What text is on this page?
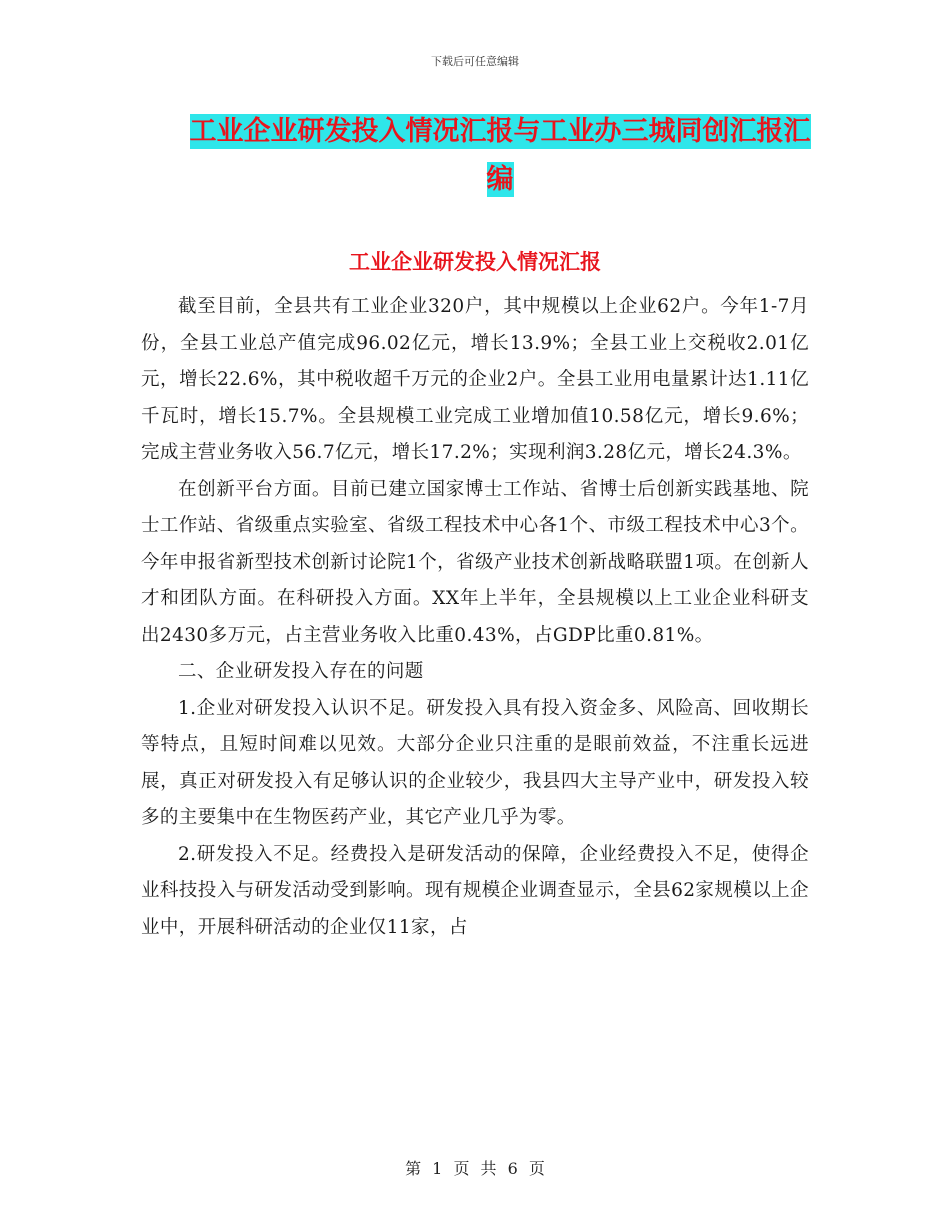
下载后可任意编辑
工业企业研发投入情况汇报与工业办三城同创汇报汇
编
工业企业研发投入情况汇报

截至目前，全县共有工业企业320户，其中规模以上企业62户。今年1-7月份，全县工业总产值完成96.02亿元，增长13.9%；全县工业上交税收2.01亿元，增长22.6%，其中税收超千万元的企业2户。全县工业用电量累计达1.11亿千瓦时，增长15.7%。全县规模工业完成工业增加值10.58亿元，增长9.6%；完成主营业务收入56.7亿元，增长17.2%；实现利润3.28亿元，增长24.3%。

在创新平台方面。目前已建立国家博士工作站、省博士后创新实践基地、院士工作站、省级重点实验室、省级工程技术中心各1个、市级工程技术中心3个。今年申报省新型技术创新讨论院1个，省级产业技术创新战略联盟1项。在创新人才和团队方面。在科研投入方面。XX年上半年，全县规模以上工业企业科研支出2430多万元，占主营业务收入比重0.43%，占GDP比重0.81%。

二、企业研发投入存在的问题

1.企业对研发投入认识不足。研发投入具有投入资金多、风险高、回收期长等特点，且短时间难以见效。大部分企业只注重的是眼前效益，不注重长远进展，真正对研发投入有足够认识的企业较少，我县四大主导产业中，研发投入较多的主要集中在生物医药产业，其它产业几乎为零。

2.研发投入不足。经费投入是研发活动的保障，企业经费投入不足，使得企业科技投入与研发活动受到影响。现有规模企业调查显示，全县62家规模以上企业中，开展科研活动的企业仅11家，占

第 1 页 共 6 页
